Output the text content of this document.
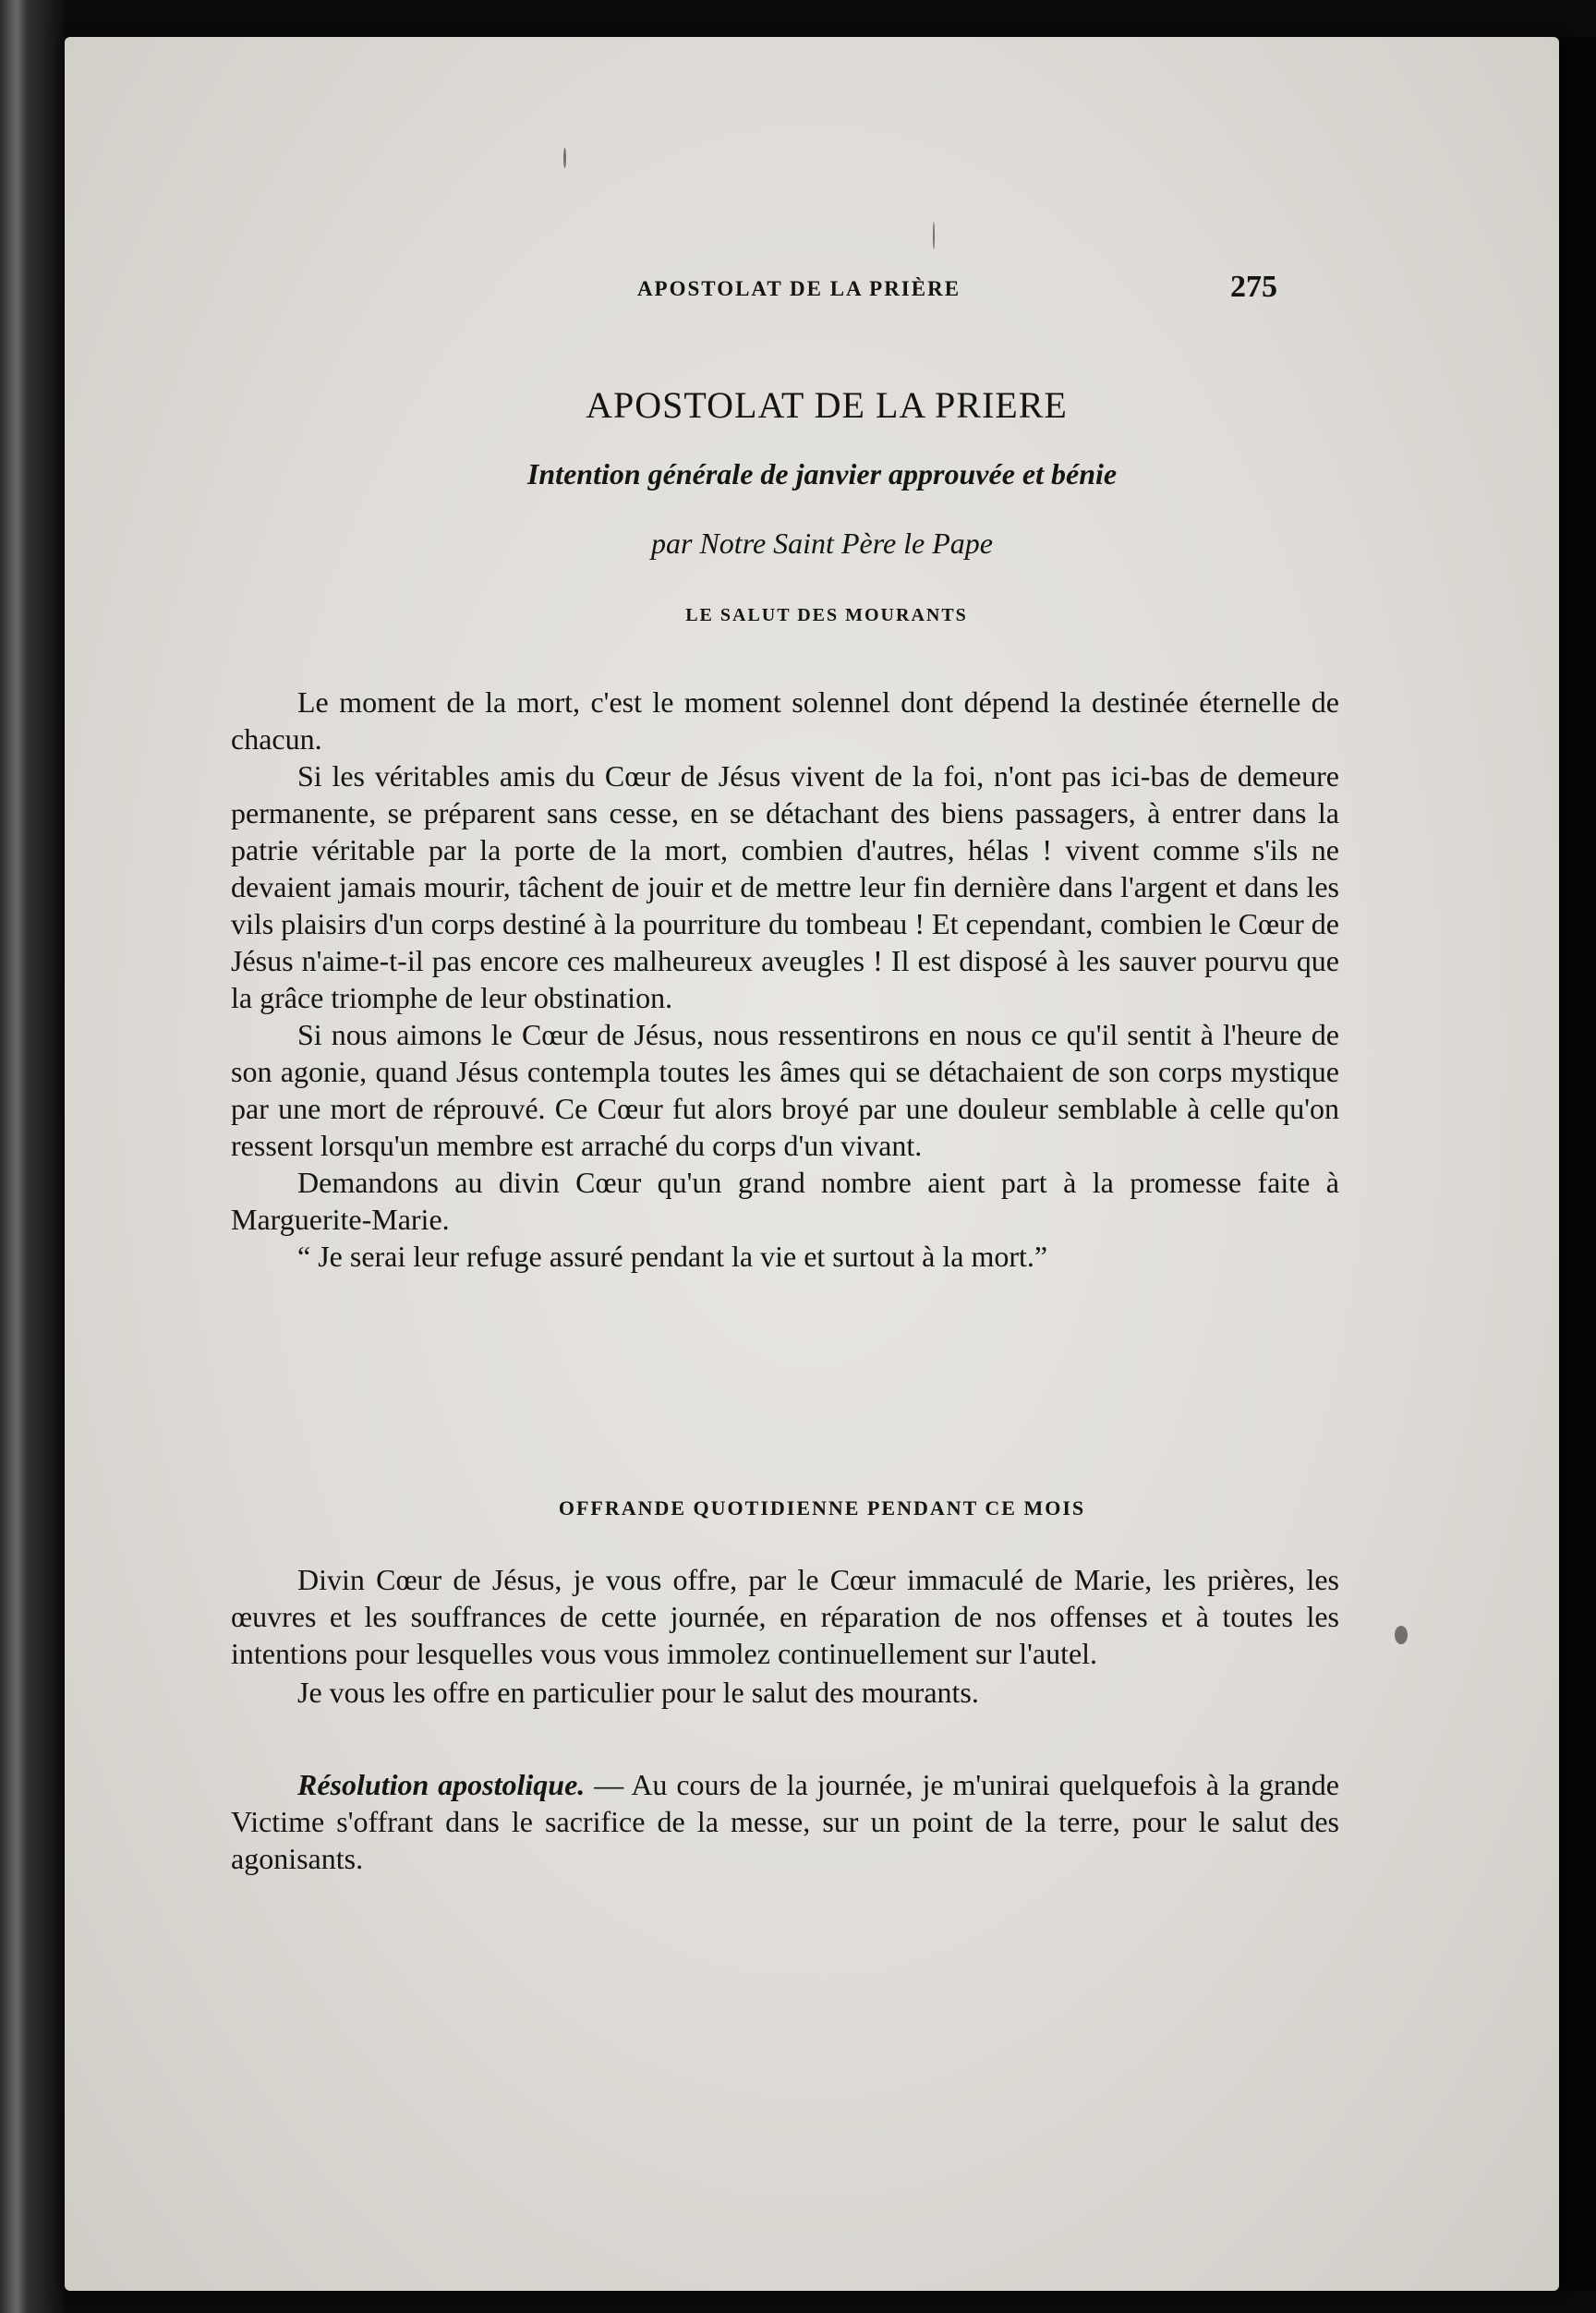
APOSTOLAT DE LA PRIÈRE	275
APOSTOLAT DE LA PRIERE
Intention générale de janvier approuvée et bénie
par Notre Saint Père le Pape
LE SALUT DES MOURANTS

Le moment de la mort, c'est le moment solennel dont dépend la destinée éternelle de chacun.

Si les véritables amis du Cœur de Jésus vivent de la foi, n'ont pas ici-bas de demeure permanente, se préparent sans cesse, en se détachant des biens passagers, à entrer dans la patrie véritable par la porte de la mort, combien d'autres, hélas ! vivent comme s'ils ne devaient jamais mourir, tâchent de jouir et de mettre leur fin dernière dans l'argent et dans les vils plaisirs d'un corps destiné à la pourriture du tombeau ! Et cependant, combien le Cœur de Jésus n'aime-t-il pas encore ces malheureux aveugles ! Il est disposé à les sauver pourvu que la grâce triomphe de leur obstination.

Si nous aimons le Cœur de Jésus, nous ressentirons en nous ce qu'il sentit à l'heure de son agonie, quand Jésus contempla toutes les âmes qui se détachaient de son corps mystique par une mort de réprouvé. Ce Cœur fut alors broyé par une douleur semblable à celle qu'on ressent lorsqu'un membre est arraché du corps d'un vivant.

Demandons au divin Cœur qu'un grand nombre aient part à la promesse faite à Marguerite-Marie.

“ Je serai leur refuge assuré pendant la vie et surtout à la mort.”

OFFRANDE QUOTIDIENNE PENDANT CE MOIS

Divin Cœur de Jésus, je vous offre, par le Cœur immaculé de Marie, les prières, les œuvres et les souffrances de cette journée, en réparation de nos offenses et à toutes les intentions pour lesquelles vous vous immolez continuellement sur l'autel.

Je vous les offre en particulier pour le salut des mourants.

Résolution apostolique. — Au cours de la journée, je m'unirai quelquefois à la grande Victime s'offrant dans le sacrifice de la messe, sur un point de la terre, pour le salut des agonisants.
